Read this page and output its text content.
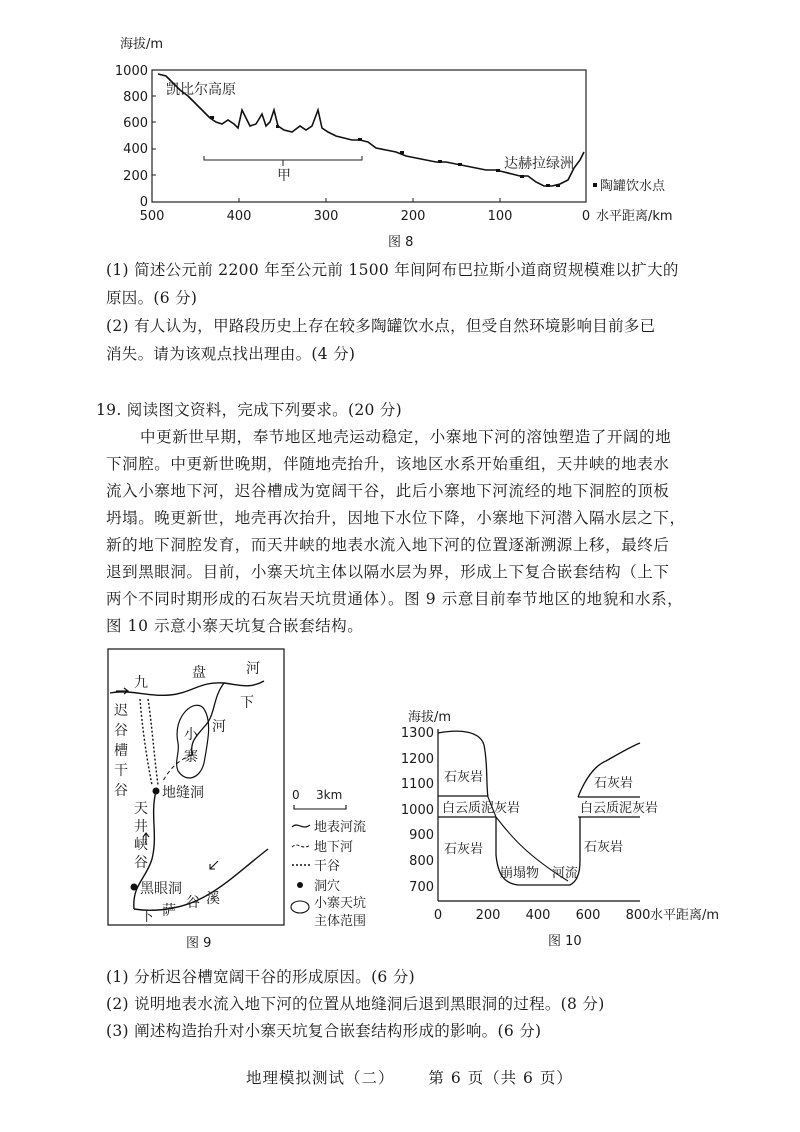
海拔/m
1000
800
600
400
200
0
500	400	300	200	100	0 水平距离/km
甲
凯比尔高原
达赫拉绿洲
陶罐饮水点
图 8
(1) 简述公元前 2200 年至公元前 1500 年间阿布巴拉斯小道商贸规模难以扩大的
原因。(6 分)
(2) 有人认为，甲路段历史上存在较多陶罐饮水点，但受自然环境影响目前多已
消失。请为该观点找出理由。(4 分)
19. 阅读图文资料，完成下列要求。(20 分)
中更新世早期，奉节地区地壳运动稳定，小寨地下河的溶蚀塑造了开阔的地
下洞腔。中更新世晚期，伴随地壳抬升，该地区水系开始重组，天井峡的地表水
流入小寨地下河，迟谷槽成为宽阔干谷，此后小寨地下河流经的地下洞腔的顶板
坍塌。晚更新世，地壳再次抬升，因地下水位下降，小寨地下河潜入隔水层之下，
新的地下洞腔发育，而天井峡的地表水流入地下河的位置逐渐溯源上移，最终后
退到黑眼洞。目前，小寨天坑主体以隔水层为界，形成上下复合嵌套结构（上下
两个不同时期形成的石灰岩天坑贯通体）。图 9 示意目前奉节地区的地貌和水系，
图 10 示意小寨天坑复合嵌套结构。
九
盘	河
下
河
小
寨
迟
谷
槽
干
谷
天
井
峡
谷
地缝洞
黑眼洞
下
谷
萨
溪
0 3km
地表河流
地下河
干谷
洞穴
小寨天坑
主体范围
图 9
海拔/m
1300
1200
1100
1000
900
800
700
0	200 400 600 800 水平距离/m
石灰岩
白云质泥灰岩
石灰岩
崩塌物 河流
石灰岩
白云质泥灰岩
石灰岩
图 10
(1) 分析迟谷槽宽阔干谷的形成原因。(6 分)
(2) 说明地表水流入地下河的位置从地缝洞后退到黑眼洞的过程。(8 分)
(3) 阐述构造抬升对小寨天坑复合嵌套结构形成的影响。(6 分)
地理模拟测试（二） 第 6 页（共 6 页）
